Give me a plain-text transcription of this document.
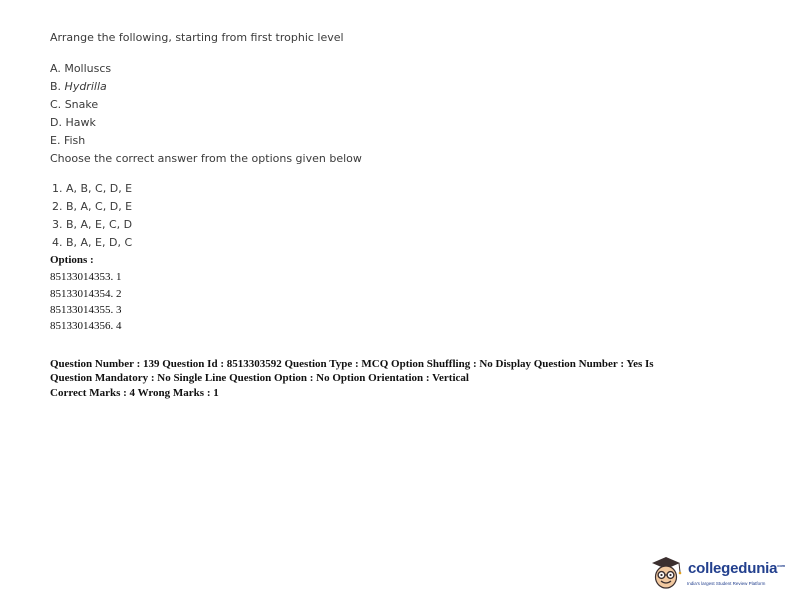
Arrange the following, starting from first trophic level
A. Molluscs
B. Hydrilla
C. Snake
D. Hawk
E. Fish
Choose the correct answer from the options given below
1. A, B, C, D, E
2. B, A, C, D, E
3. B, A, E, C, D
4. B, A, E, D, C
Options :
85133014353. 1
85133014354. 2
85133014355. 3
85133014356. 4
Question Number : 139 Question Id : 8513303592 Question Type : MCQ Option Shuffling : No Display Question Number : Yes Is
Question Mandatory : No Single Line Question Option : No Option Orientation : Vertical
Correct Marks : 4 Wrong Marks : 1
collegedunia$^{com}$
India's largest Student Review Platform
